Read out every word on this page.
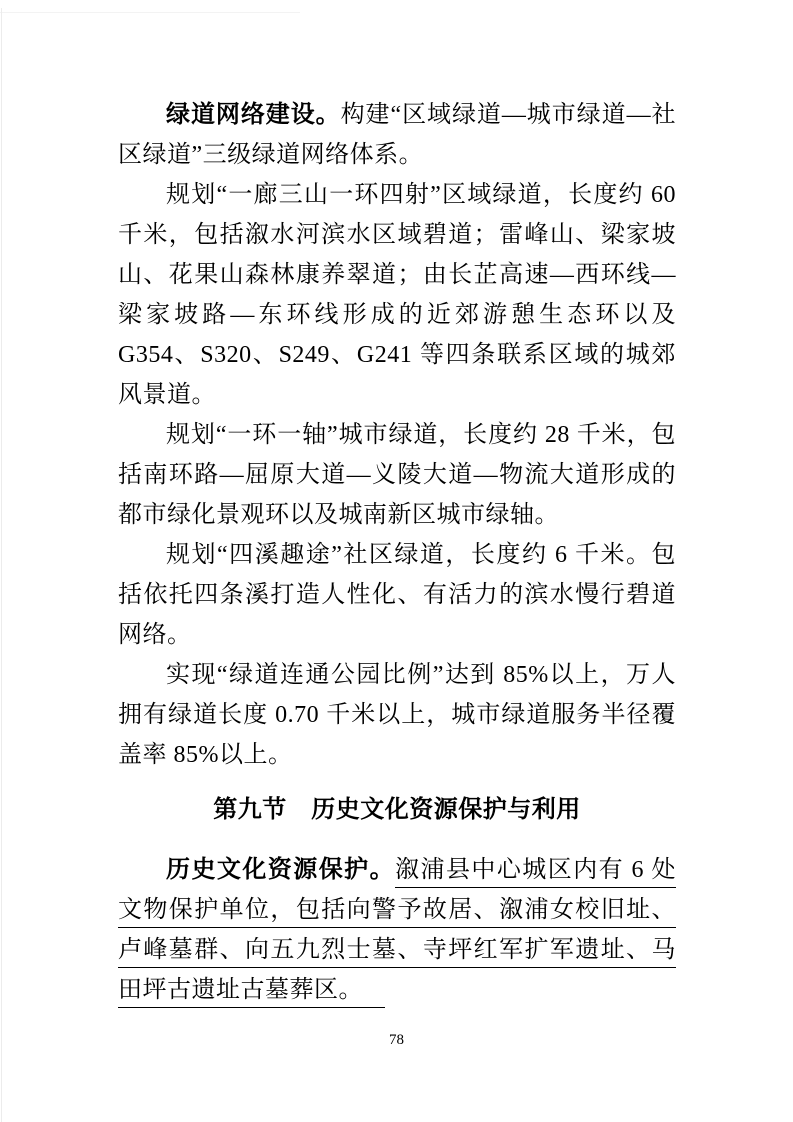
绿道网络建设。构建“区域绿道—城市绿道—社区绿道”三级绿道网络体系。

规划“一廊三山一环四射”区域绿道，长度约 60 千米，包括溆水河滨水区域碧道；雷峰山、梁家坡山、花果山森林康养翠道；由长芷高速—西环线—梁家坡路—东环线形成的近郊游憩生态环以及 G354、S320、S249、G241 等四条联系区域的城郊风景道。

规划“一环一轴”城市绿道，长度约 28 千米，包括南环路—屈原大道—义陵大道—物流大道形成的都市绿化景观环以及城南新区城市绿轴。

规划“四溪趣途”社区绿道，长度约 6 千米。包括依托四条溪打造人性化、有活力的滨水慢行碧道网络。

实现“绿道连通公园比例”达到 85%以上，万人拥有绿道长度 0.70 千米以上，城市绿道服务半径覆盖率 85%以上。

第九节　历史文化资源保护与利用

历史文化资源保护。溆浦县中心城区内有 6 处文物保护单位，包括向警予故居、溆浦女校旧址、卢峰墓群、向五九烈士墓、寺坪红军扩军遗址、马田坪古遗址古墓葬区。

78
